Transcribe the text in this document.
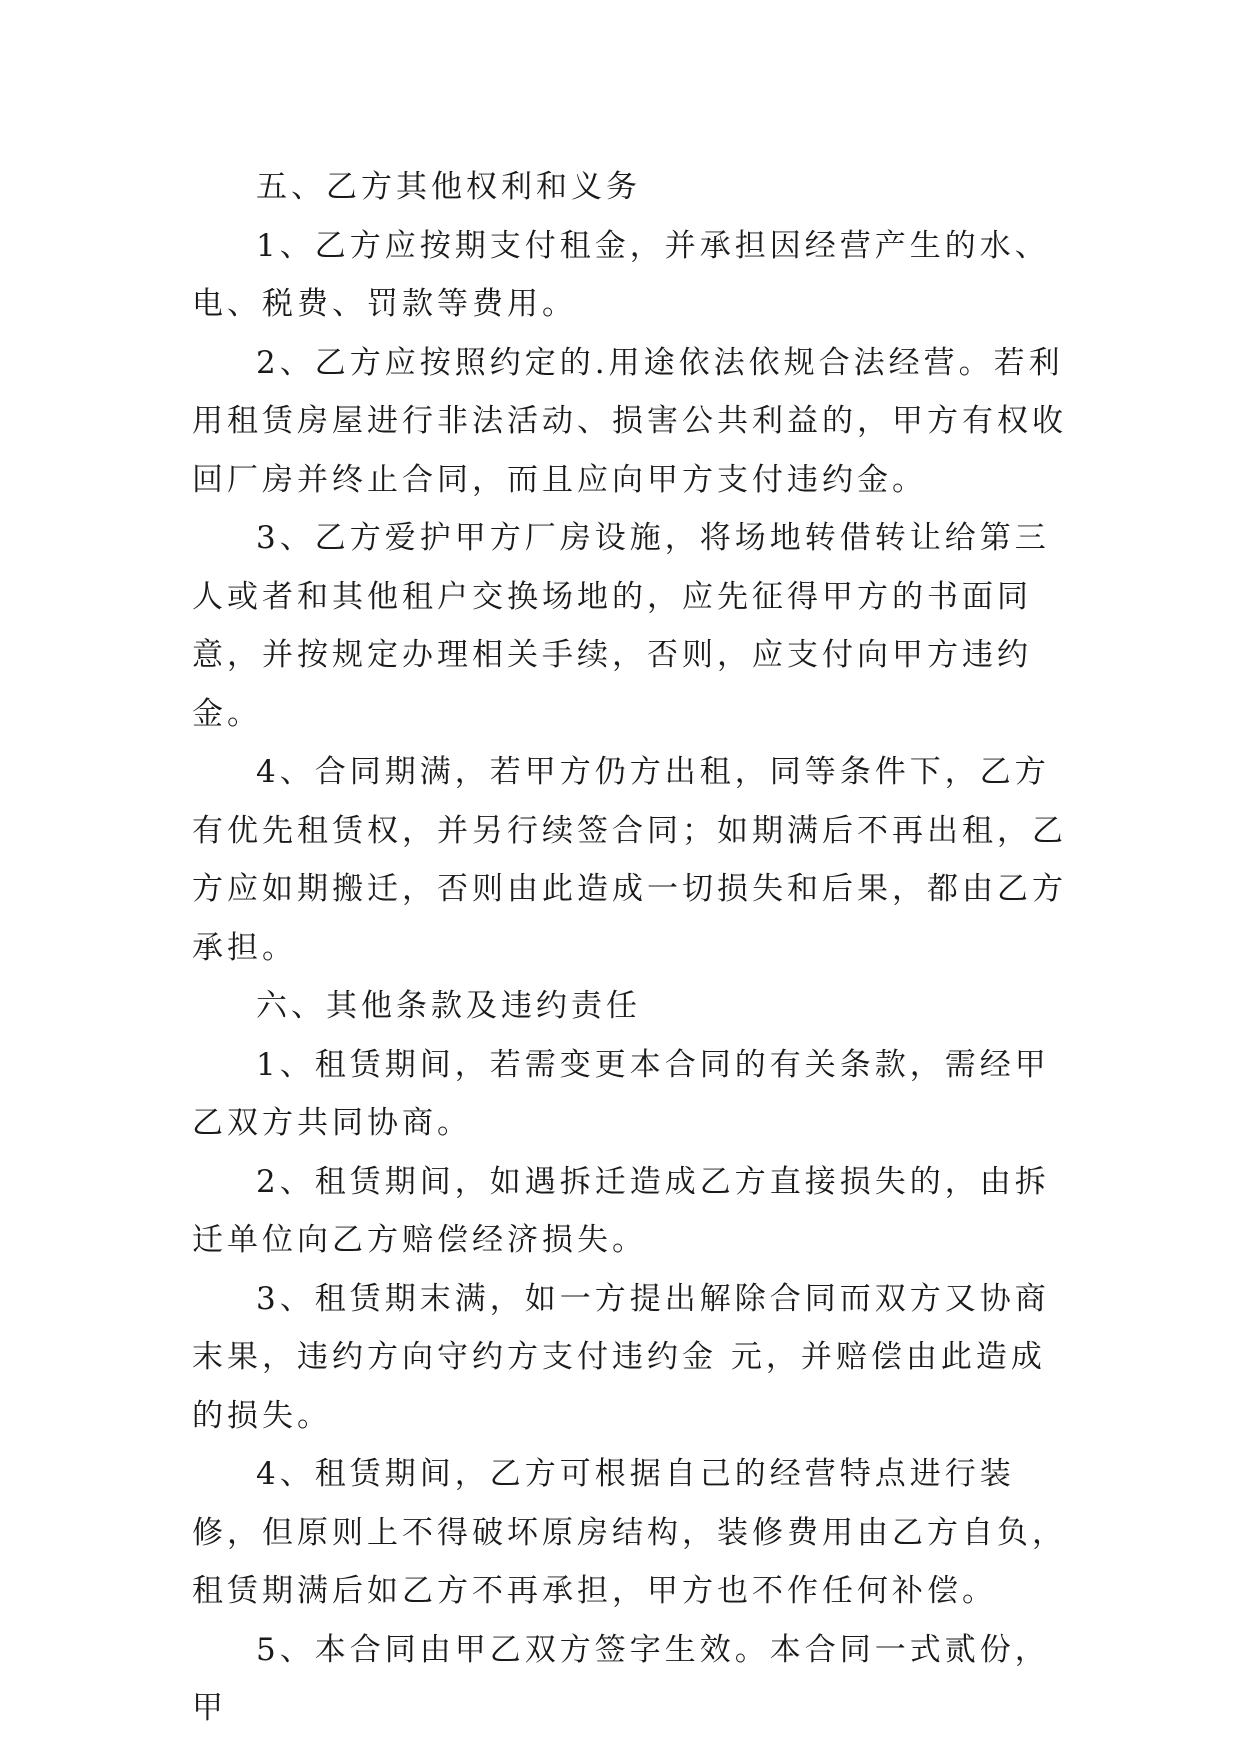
五、乙方其他权利和义务

1、乙方应按期支付租金，并承担因经营产生的水、电、税费、罚款等费用。

2、乙方应按照约定的.用途依法依规合法经营。若利用租赁房屋进行非法活动、损害公共利益的，甲方有权收回厂房并终止合同，而且应向甲方支付违约金。

3、乙方爱护甲方厂房设施，将场地转借转让给第三人或者和其他租户交换场地的，应先征得甲方的书面同意，并按规定办理相关手续，否则，应支付向甲方违约金。

4、合同期满，若甲方仍方出租，同等条件下，乙方有优先租赁权，并另行续签合同；如期满后不再出租，乙方应如期搬迁，否则由此造成一切损失和后果，都由乙方承担。

六、其他条款及违约责任

1、租赁期间，若需变更本合同的有关条款，需经甲乙双方共同协商。

2、租赁期间，如遇拆迁造成乙方直接损失的，由拆迁单位向乙方赔偿经济损失。

3、租赁期末满，如一方提出解除合同而双方又协商末果，违约方向守约方支付违约金 元，并赔偿由此造成的损失。

4、租赁期间，乙方可根据自己的经营特点进行装修，但原则上不得破坏原房结构，装修费用由乙方自负，租赁期满后如乙方不再承担，甲方也不作任何补偿。

5、本合同由甲乙双方签字生效。本合同一式贰份，甲
